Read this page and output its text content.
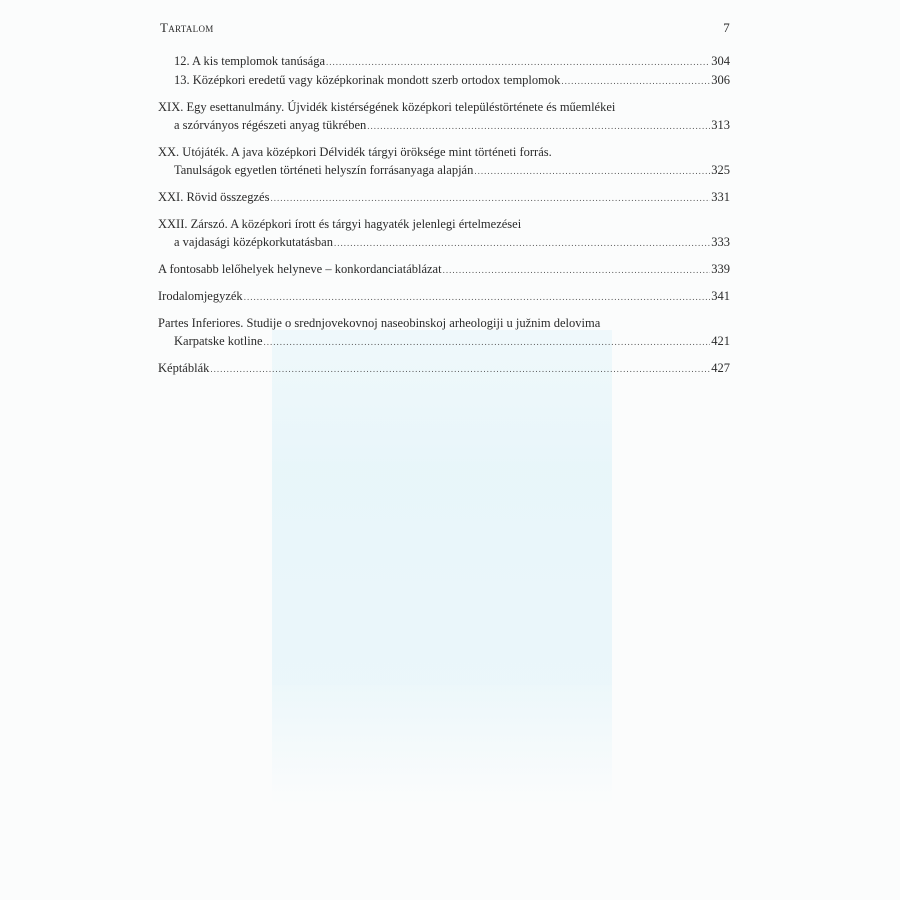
Tartalom	7
12. A kis templomok tanúsága .....	304
13. Középkori eredetű vagy középkorinak mondott szerb ortodox templomok .....	306
XIX. Egy esettanulmány. Újvidék kistérségének középkori településtörténete és műemlékei
a szórványos régészeti anyag tükrében .....	313
XX. Utójáték. A java középkori Délvidék tárgyi öröksége mint történeti forrás.
Tanulságok egyetlen történeti helyszín forrásanyaga alapján .....	325
XXI. Rövid összegzés .....	331
XXII. Zárszó. A középkori írott és tárgyi hagyaték jelenlegi értelmezései
a vajdasági középkorkutatásban .....	333
A fontosabb lelőhelyek helyneve – konkordanciatáblázat .....	339
Irodalomjegyzék .....	341
Partes Inferiores. Studije o srednjovekovnoj naseobinskoj arheologiji u južnim delovima
Karpatske kotline .....	421
Képtáblák .....	427
